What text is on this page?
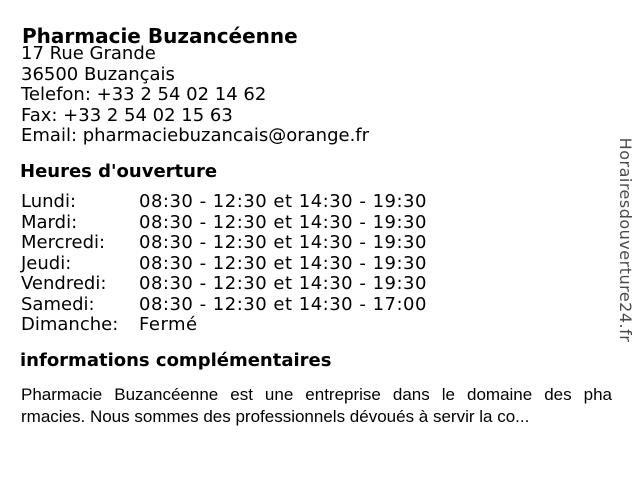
Pharmacie Buzancéenne
17 Rue Grande
36500 Buzançais
Telefon: +33 2 54 02 14 62
Fax: +33 2 54 02 15 63
Email: pharmaciebuzancais@orange.fr
Heures d'ouverture
Lundi:	08:30 - 12:30 et 14:30 - 19:30
Mardi:	08:30 - 12:30 et 14:30 - 19:30
Mercredi:	08:30 - 12:30 et 14:30 - 19:30
Jeudi:	08:30 - 12:30 et 14:30 - 19:30
Vendredi:	08:30 - 12:30 et 14:30 - 19:30
Samedi:	08:30 - 12:30 et 14:30 - 17:00
Dimanche:	Fermé
informations complémentaires
Pharmacie Buzancéenne est une entreprise dans le domaine des pha
rmacies. Nous sommes des professionnels dévoués à servir la co...
Horairesdouverture24.fr
